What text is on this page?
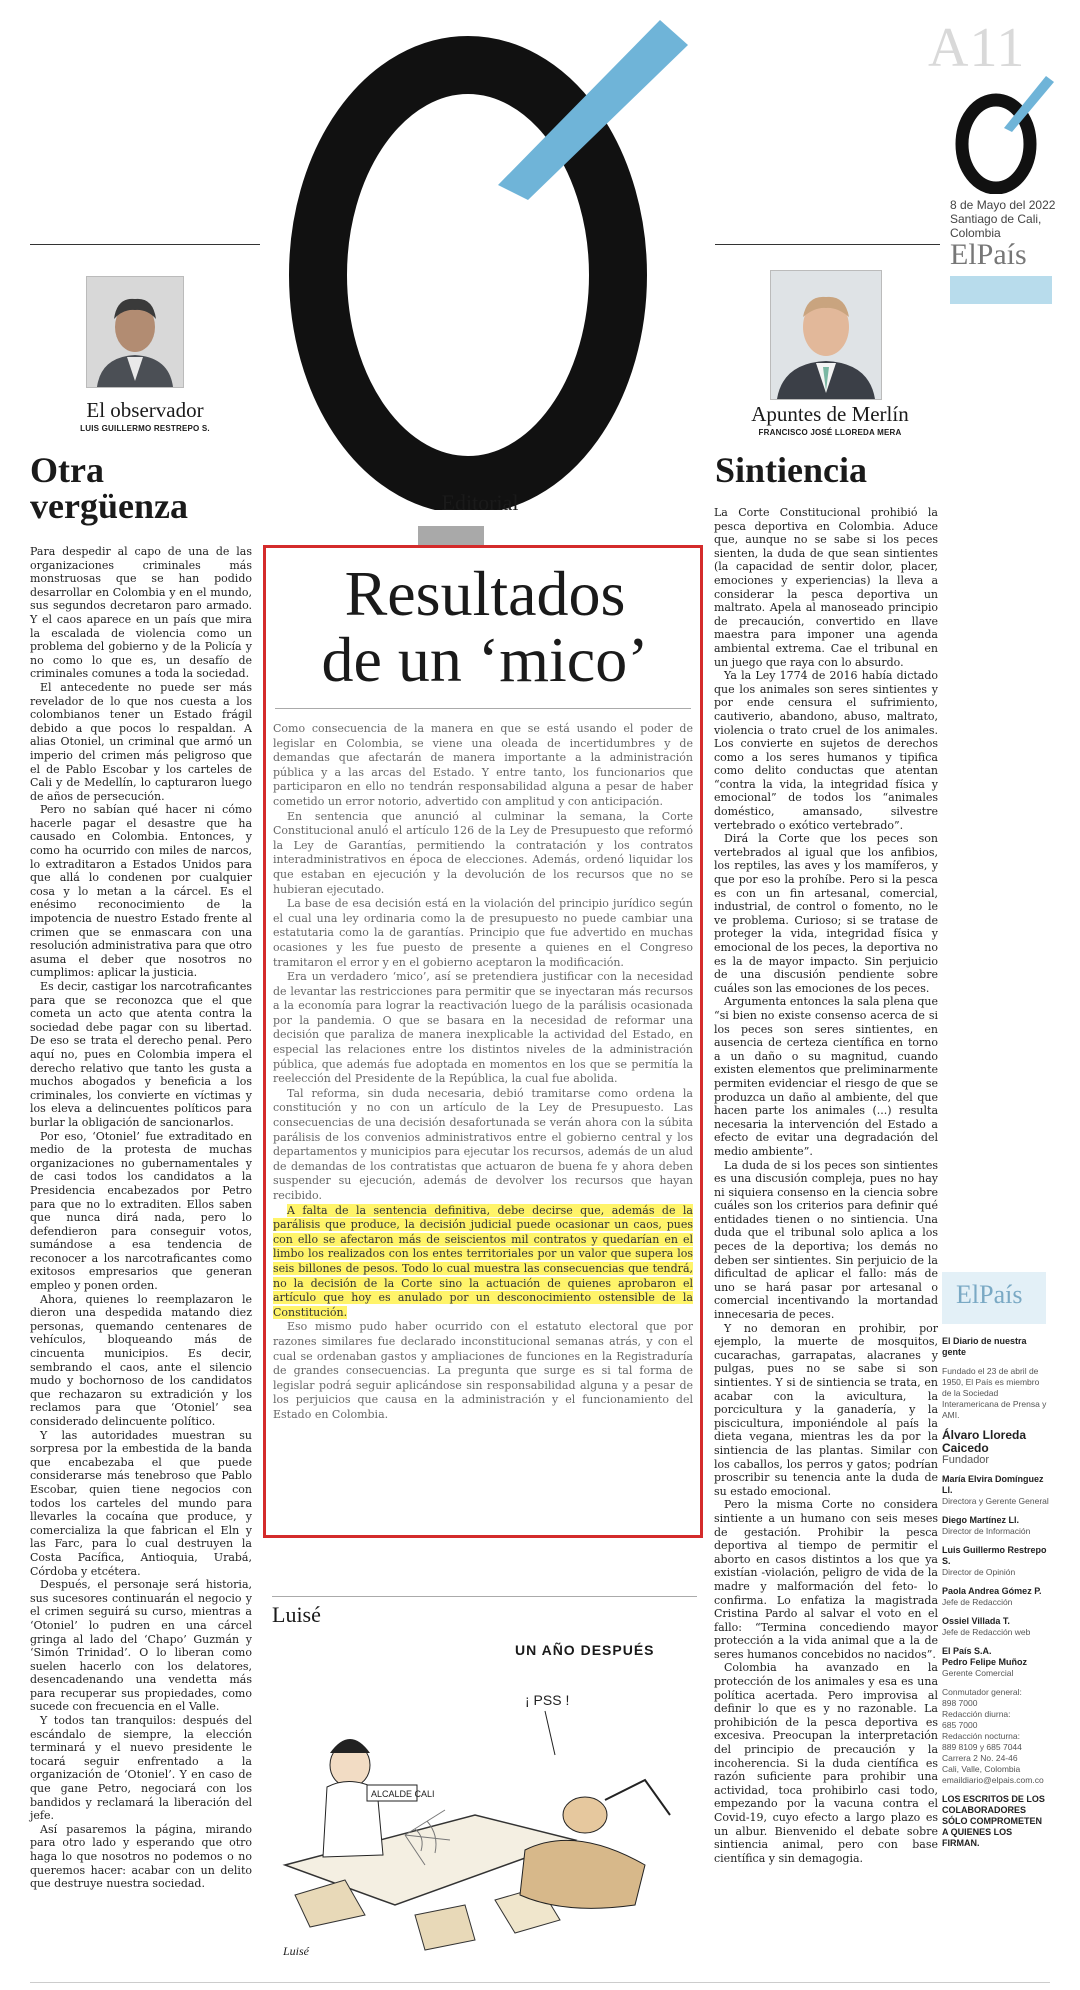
A11
8 de Mayo del 2022 Santiago de Cali, Colombia
ElPaís
El observador
LUIS GUILLERMO RESTREPO S.
Otra vergüenza

Para despedir al capo de una de las organizaciones criminales más monstruosas que se han podido desarrollar en Colombia y en el mundo, sus segundos decretaron paro armado. Y el caos aparece en un país que mira la escalada de violencia como un problema del gobierno y de la Policía y no como lo que es, un desafío de criminales comunes a toda la sociedad.

El antecedente no puede ser más revelador de lo que nos cuesta a los colombianos tener un Estado frágil debido a que pocos lo respaldan. A alias Otoniel, un criminal que armó un imperio del crimen más peligroso que el de Pablo Escobar y los carteles de Cali y de Medellín, lo capturaron luego de años de persecución.

Pero no sabían qué hacer ni cómo hacerle pagar el desastre que ha causado en Colombia. Entonces, y como ha ocurrido con miles de narcos, lo extraditaron a Estados Unidos para que allá lo condenen por cualquier cosa y lo metan a la cárcel. Es el enésimo reconocimiento de la impotencia de nuestro Estado frente al crimen que se enmascara con una resolución administrativa para que otro asuma el deber que nosotros no cumplimos: aplicar la justicia.

Es decir, castigar los narcotraficantes para que se reconozca que el que cometa un acto que atenta contra la sociedad debe pagar con su libertad. De eso se trata el derecho penal. Pero aquí no, pues en Colombia impera el derecho relativo que tanto les gusta a muchos abogados y beneficia a los criminales, los convierte en víctimas y los eleva a delincuentes políticos para burlar la obligación de sancionarlos.

Por eso, ‘Otoniel’ fue extraditado en medio de la protesta de muchas organizaciones no gubernamentales y de casi todos los candidatos a la Presidencia encabezados por Petro para que no lo extraditen. Ellos saben que nunca dirá nada, pero lo defendieron para conseguir votos, sumándose a esa tendencia de reconocer a los narcotraficantes como exitosos empresarios que generan empleo y ponen orden.

Ahora, quienes lo reemplazaron le dieron una despedida matando diez personas, quemando centenares de vehículos, bloqueando más de cincuenta municipios. Es decir, sembrando el caos, ante el silencio mudo y bochornoso de los candidatos que rechazaron su extradición y los reclamos para que ‘Otoniel’ sea considerado delincuente político.

Y las autoridades muestran su sorpresa por la embestida de la banda que encabezaba el que puede considerarse más tenebroso que Pablo Escobar, quien tiene negocios con todos los carteles del mundo para llevarles la cocaína que produce, y comercializa la que fabrican el Eln y las Farc, para lo cual destruyen la Costa Pacífica, Antioquia, Urabá, Córdoba y etcétera.

Después, el personaje será historia, sus sucesores continuarán el negocio y el crimen seguirá su curso, mientras a ‘Otoniel’ lo pudren en una cárcel gringa al lado del ‘Chapo’ Guzmán y ‘Simón Trinidad’. O lo liberan como suelen hacerlo con los delatores, desencadenando una vendetta más para recuperar sus propiedades, como sucede con frecuencia en el Valle.

Y todos tan tranquilos: después del escándalo de siempre, la elección terminará y el nuevo presidente le tocará seguir enfrentado a la organización de ‘Otoniel’. Y en caso de que gane Petro, negociará con los bandidos y reclamará la liberación del jefe.

Así pasaremos la página, mirando para otro lado y esperando que otro haga lo que nosotros no podemos o no queremos hacer: acabar con un delito que destruye nuestra sociedad.

Editorial
Resultados
de un ‘mico’

Como consecuencia de la manera en que se está usando el poder de legislar en Colombia, se viene una oleada de incertidumbres y de demandas que afectarán de manera importante a la administración pública y a las arcas del Estado. Y entre tanto, los funcionarios que participaron en ello no tendrán responsabilidad alguna a pesar de haber cometido un error notorio, advertido con amplitud y con anticipación.

En sentencia que anunció al culminar la semana, la Corte Constitucional anuló el artículo 126 de la Ley de Presupuesto que reformó la Ley de Garantías, permitiendo la contratación y los contratos interadministrativos en época de elecciones. Además, ordenó liquidar los que estaban en ejecución y la devolución de los recursos que no se hubieran ejecutado.

La base de esa decisión está en la violación del principio jurídico según el cual una ley ordinaria como la de presupuesto no puede cambiar una estatutaria como la de garantías. Principio que fue advertido en muchas ocasiones y les fue puesto de presente a quienes en el Congreso tramitaron el error y en el gobierno aceptaron la modificación.

Era un verdadero ‘mico’, así se pretendiera justificar con la necesidad de levantar las restricciones para permitir que se inyectaran más recursos a la economía para lograr la reactivación luego de la parálisis ocasionada por la pandemia. O que se basara en la necesidad de reformar una decisión que paraliza de manera inexplicable la actividad del Estado, en especial las relaciones entre los distintos niveles de la administración pública, que además fue adoptada en momentos en los que se permitía la reelección del Presidente de la República, la cual fue abolida.

Tal reforma, sin duda necesaria, debió tramitarse como ordena la constitución y no con un artículo de la Ley de Presupuesto. Las consecuencias de una decisión desafortunada se verán ahora con la súbita parálisis de los convenios administrativos entre el gobierno central y los departamentos y municipios para ejecutar los recursos, además de un alud de demandas de los contratistas que actuaron de buena fe y ahora deben suspender su ejecución, además de devolver los recursos que hayan recibido.

A falta de la sentencia definitiva, debe decirse que, además de la parálisis que produce, la decisión judicial puede ocasionar un caos, pues con ello se afectaron más de seiscientos mil contratos y quedarían en el limbo los realizados con los entes territoriales por un valor que supera los seis billones de pesos. Todo lo cual muestra las consecuencias que tendrá, no la decisión de la Corte sino la actuación de quienes aprobaron el artículo que hoy es anulado por un desconocimiento ostensible de la Constitución.

Eso mismo pudo haber ocurrido con el estatuto electoral que por razones similares fue declarado inconstitucional semanas atrás, y con el cual se ordenaban gastos y ampliaciones de funciones en la Registraduría de grandes consecuencias. La pregunta que surge es si tal forma de legislar podrá seguir aplicándose sin responsabilidad alguna y a pesar de los perjuicios que causa en la administración y el funcionamiento del Estado en Colombia.

Luisé
UN AÑO DESPUÉS
ALCALDE CALI
¡ PSS !
Luisé
Apuntes de Merlín
FRANCISCO JOSÉ LLOREDA MERA
Sintiencia

La Corte Constitucional prohibió la pesca deportiva en Colombia. Aduce que, aunque no se sabe si los peces sienten, la duda de que sean sintientes (la capacidad de sentir dolor, placer, emociones y experiencias) la lleva a considerar la pesca deportiva un maltrato. Apela al manoseado principio de precaución, convertido en llave maestra para imponer una agenda ambiental extrema. Cae el tribunal en un juego que raya con lo absurdo.

Ya la Ley 1774 de 2016 había dictado que los animales son seres sintientes y por ende censura el sufrimiento, cautiverio, abandono, abuso, maltrato, violencia o trato cruel de los animales. Los convierte en sujetos de derechos como a los seres humanos y tipifica como delito conductas que atentan “contra la vida, la integridad física y emocional” de todos los “animales doméstico, amansado, silvestre vertebrado o exótico vertebrado”.

Dirá la Corte que los peces son vertebrados al igual que los anfibios, los reptiles, las aves y los mamíferos, y que por eso la prohíbe. Pero si la pesca es con un fin artesanal, comercial, industrial, de control o fomento, no le ve problema. Curioso; si se tratase de proteger la vida, integridad física y emocional de los peces, la deportiva no es la de mayor impacto. Sin perjuicio de una discusión pendiente sobre cuáles son las emociones de los peces.

Argumenta entonces la sala plena que “si bien no existe consenso acerca de si los peces son seres sintientes, en ausencia de certeza científica en torno a un daño o su magnitud, cuando existen elementos que preliminarmente permiten evidenciar el riesgo de que se produzca un daño al ambiente, del que hacen parte los animales (...) resulta necesaria la intervención del Estado a efecto de evitar una degradación del medio ambiente”.

La duda de si los peces son sintientes es una discusión compleja, pues no hay ni siquiera consenso en la ciencia sobre cuáles son los criterios para definir qué entidades tienen o no sintiencia. Una duda que el tribunal solo aplica a los peces de la deportiva; los demás no deben ser sintientes. Sin perjuicio de la dificultad de aplicar el fallo: más de uno se hará pasar por artesanal o comercial incentivando la mortandad innecesaria de peces.

Y no demoran en prohibir, por ejemplo, la muerte de mosquitos, cucarachas, garrapatas, alacranes y pulgas, pues no se sabe si son sintientes. Y si de sintiencia se trata, en acabar con la avicultura, la porcicultura y la ganadería, y la piscicultura, imponiéndole al país la dieta vegana, mientras les da por la sintiencia de las plantas. Similar con los caballos, los perros y gatos; podrían proscribir su tenencia ante la duda de su estado emocional.

Pero la misma Corte no considera sintiente a un humano con seis meses de gestación. Prohibir la pesca deportiva al tiempo de permitir el aborto en casos distintos a los que ya existían -violación, peligro de vida de la madre y malformación del feto- lo confirma. Lo enfatiza la magistrada Cristina Pardo al salvar el voto en el fallo: “Termina concediendo mayor protección a la vida animal que a la de seres humanos concebidos no nacidos”.

Colombia ha avanzado en la protección de los animales y esa es una política acertada. Pero improvisa al definir lo que es y no razonable. La prohibición de la pesca deportiva es excesiva. Preocupan la interpretación del principio de precaución y la incoherencia. Si la duda científica es razón suficiente para prohibir una actividad, toca prohibirlo casi todo, empezando por la vacuna contra el Covid-19, cuyo efecto a largo plazo es un albur. Bienvenido el debate sobre sintiencia animal, pero con base científica y sin demagogia.

ElPaís
El Diario de nuestra gente
Fundado el 23 de abril de 1950, El País es miembro de la Sociedad Interamericana de Prensa y AMI.
Álvaro Lloreda Caicedo
Fundador
María Elvira Domínguez Ll.
Directora y Gerente General
Diego Martínez Ll.
Director de Información
Luis Guillermo Restrepo S.
Director de Opinión
Paola Andrea Gómez P.
Jefe de Redacción
Ossiel Villada T.
Jefe de Redacción web
El País S.A.
Pedro Felipe Muñoz
Gerente Comercial
Conmutador general:
898 7000
Redacción diurna:
685 7000
Redacción nocturna:
889 8109 y 685 7044
Carrera 2 No. 24-46
Cali, Valle, Colombia
emaildiario@elpais.com.co
LOS ESCRITOS DE LOS COLABORADORES SÓLO COMPROMETEN A QUIENES LOS FIRMAN.
